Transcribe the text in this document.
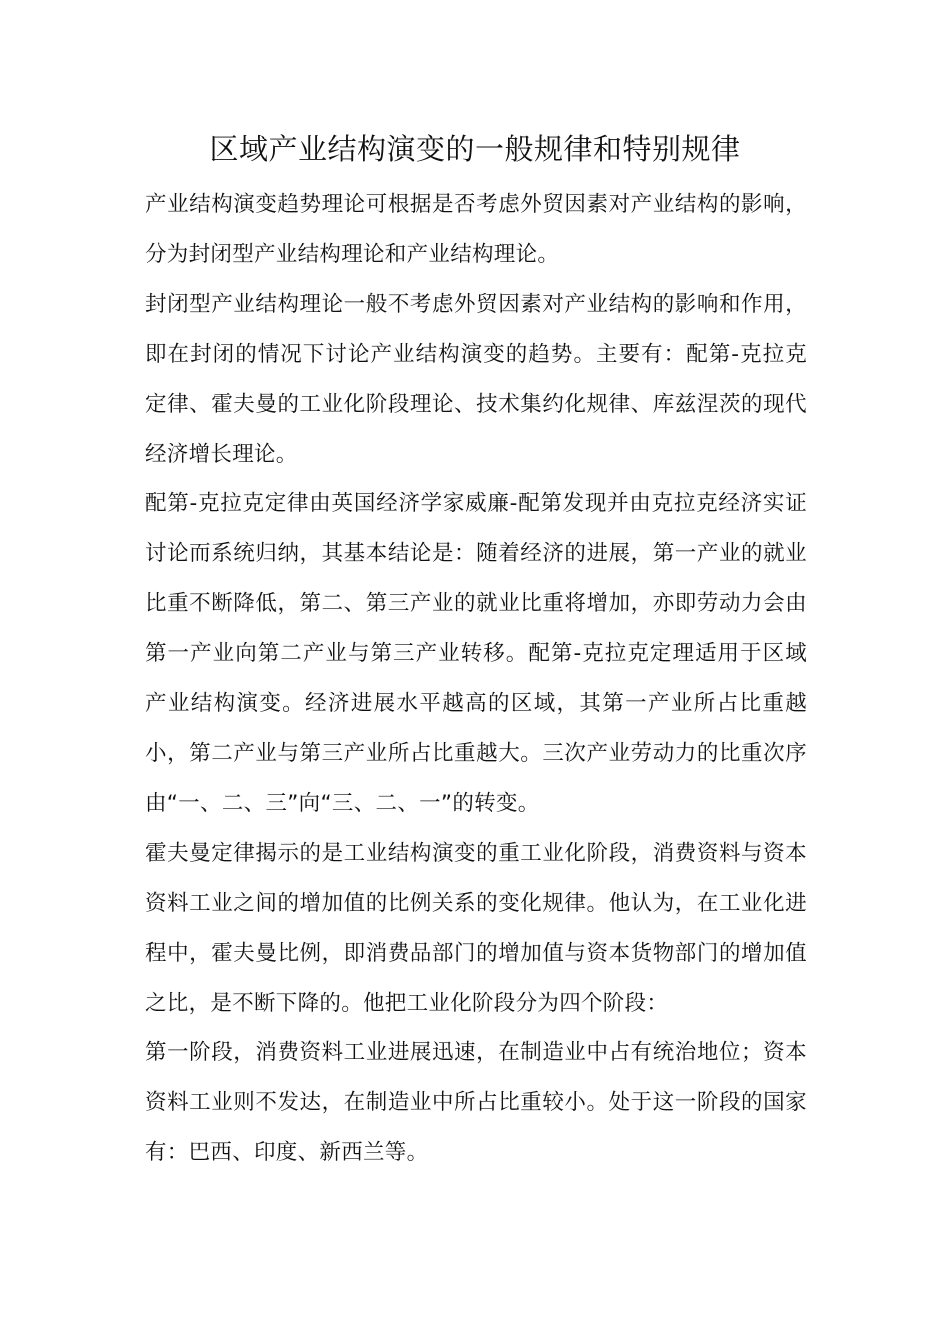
区域产业结构演变的一般规律和特别规律

产业结构演变趋势理论可根据是否考虑外贸因素对产业结构的影响，分为封闭型产业结构理论和产业结构理论。

封闭型产业结构理论一般不考虑外贸因素对产业结构的影响和作用，即在封闭的情况下讨论产业结构演变的趋势。主要有：配第-克拉克定律、霍夫曼的工业化阶段理论、技术集约化规律、库兹涅茨的现代经济增长理论。

配第-克拉克定律由英国经济学家威廉-配第发现并由克拉克经济实证讨论而系统归纳，其基本结论是：随着经济的进展，第一产业的就业比重不断降低，第二、第三产业的就业比重将增加，亦即劳动力会由第一产业向第二产业与第三产业转移。配第-克拉克定理适用于区域产业结构演变。经济进展水平越高的区域，其第一产业所占比重越小，第二产业与第三产业所占比重越大。三次产业劳动力的比重次序由“一、二、三”向“三、二、一”的转变。

霍夫曼定律揭示的是工业结构演变的重工业化阶段，消费资料与资本资料工业之间的增加值的比例关系的变化规律。他认为，在工业化进程中，霍夫曼比例，即消费品部门的增加值与资本货物部门的增加值之比，是不断下降的。他把工业化阶段分为四个阶段：

第一阶段，消费资料工业进展迅速，在制造业中占有统治地位；资本资料工业则不发达，在制造业中所占比重较小。处于这一阶段的国家有：巴西、印度、新西兰等。
